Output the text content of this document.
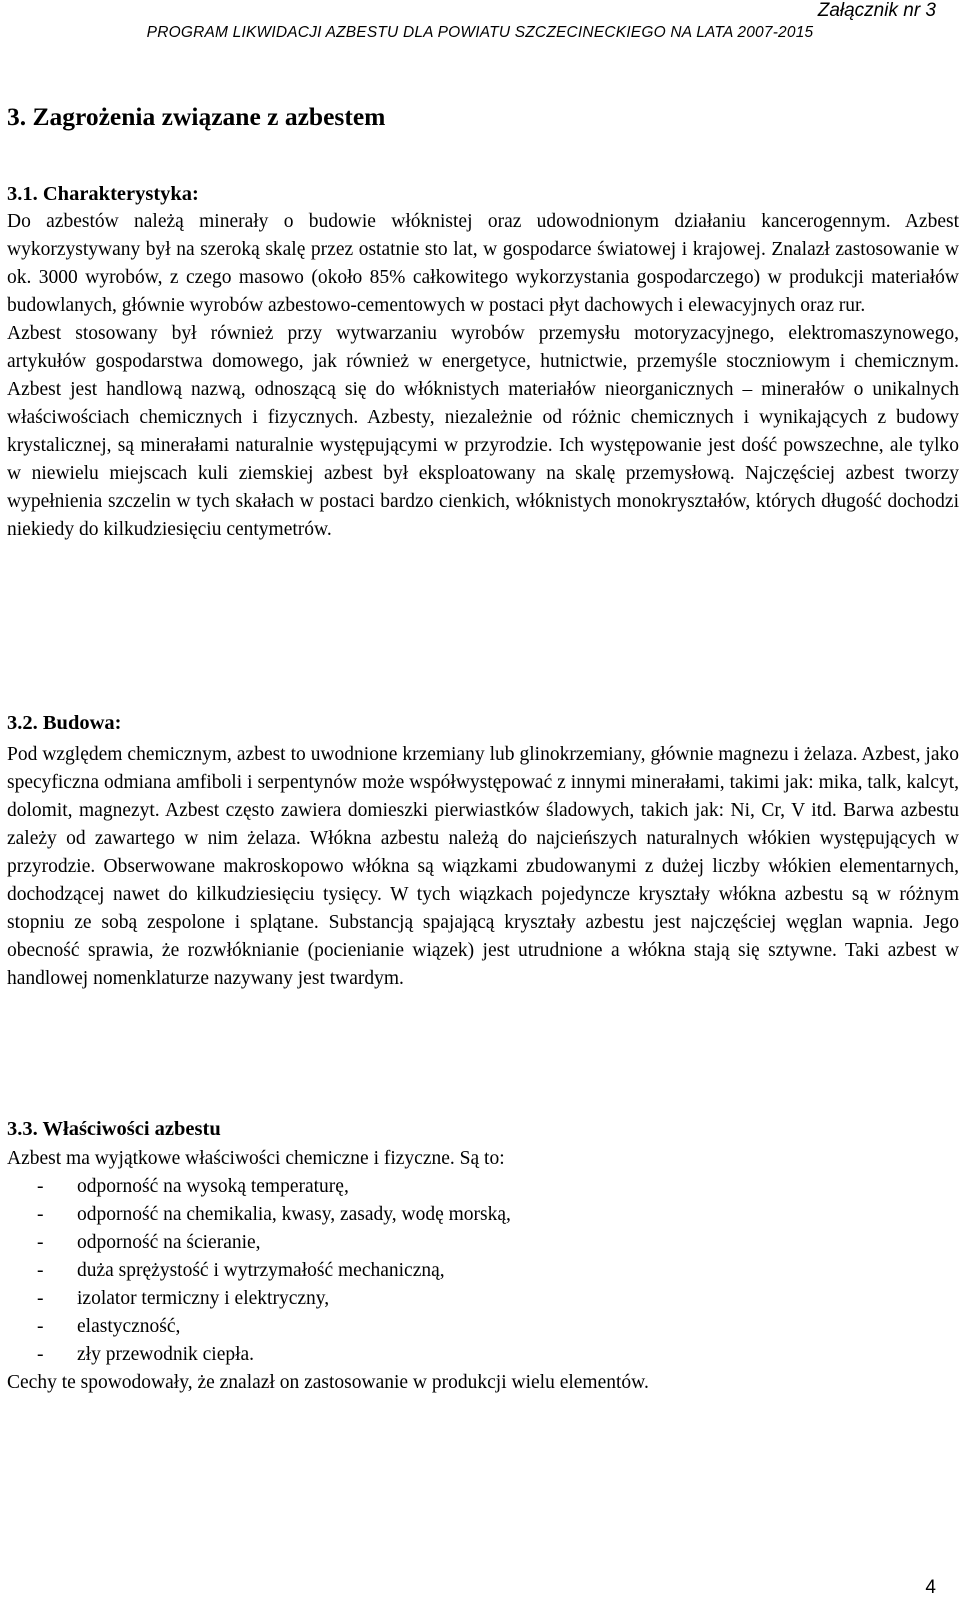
Załącznik nr 3
PROGRAM LIKWIDACJI AZBESTU DLA POWIATU SZCZECINECKIEGO NA LATA 2007-2015
3. Zagrożenia związane z azbestem
3.1. Charakterystyka:

Do azbestów należą minerały o budowie włóknistej oraz udowodnionym działaniu kancerogennym. Azbest wykorzystywany był na szeroką skalę przez ostatnie sto lat, w gospodarce światowej i krajowej. Znalazł zastosowanie w ok. 3000 wyrobów, z czego masowo (około 85% całkowitego wykorzystania gospodarczego) w produkcji materiałów budowlanych, głównie wyrobów azbestowo-cementowych w postaci płyt dachowych i elewacyjnych oraz rur.

Azbest stosowany był również przy wytwarzaniu wyrobów przemysłu motoryzacyjnego, elektromaszynowego, artykułów gospodarstwa domowego, jak również w energetyce, hutnictwie, przemyśle stoczniowym i chemicznym. Azbest jest handlową nazwą, odnoszącą się do włóknistych materiałów nieorganicznych – minerałów o unikalnych właściwościach chemicznych i fizycznych. Azbesty, niezależnie od różnic chemicznych i wynikających z budowy krystalicznej, są minerałami naturalnie występującymi w przyrodzie. Ich występowanie jest dość powszechne, ale tylko w niewielu miejscach kuli ziemskiej azbest był eksploatowany na skalę przemysłową. Najczęściej azbest tworzy wypełnienia szczelin w tych skałach w postaci bardzo cienkich, włóknistych monokryształów, których długość dochodzi niekiedy do kilkudziesięciu centymetrów.

3.2. Budowa:

Pod względem chemicznym, azbest to uwodnione krzemiany lub glinokrzemiany, głównie magnezu i żelaza. Azbest, jako specyficzna odmiana amfiboli i serpentynów może współwystępować z innymi minerałami, takimi jak: mika, talk, kalcyt, dolomit, magnezyt. Azbest często zawiera domieszki pierwiastków śladowych, takich jak: Ni, Cr, V itd. Barwa azbestu zależy od zawartego w nim żelaza. Włókna azbestu należą do najcieńszych naturalnych włókien występujących w przyrodzie. Obserwowane makroskopowo włókna są wiązkami zbudowanymi z dużej liczby włókien elementarnych, dochodzącej nawet do kilkudziesięciu tysięcy. W tych wiązkach pojedyncze kryształy włókna azbestu są w różnym stopniu ze sobą zespolone i splątane. Substancją spajającą kryształy azbestu jest najczęściej węglan wapnia. Jego obecność sprawia, że rozwłóknianie (pocienianie wiązek) jest utrudnione a włókna stają się sztywne. Taki azbest w handlowej nomenklaturze nazywany jest twardym.

3.3. Właściwości azbestu

Azbest ma wyjątkowe właściwości chemiczne i fizyczne. Są to:

- odporność na wysoką temperaturę,
- odporność na chemikalia, kwasy, zasady, wodę morską,
- odporność na ścieranie,
- duża sprężystość i wytrzymałość mechaniczną,
- izolator termiczny i elektryczny,
- elastyczność,
- zły przewodnik ciepła.

Cechy te spowodowały, że znalazł on zastosowanie w produkcji wielu elementów.

4
